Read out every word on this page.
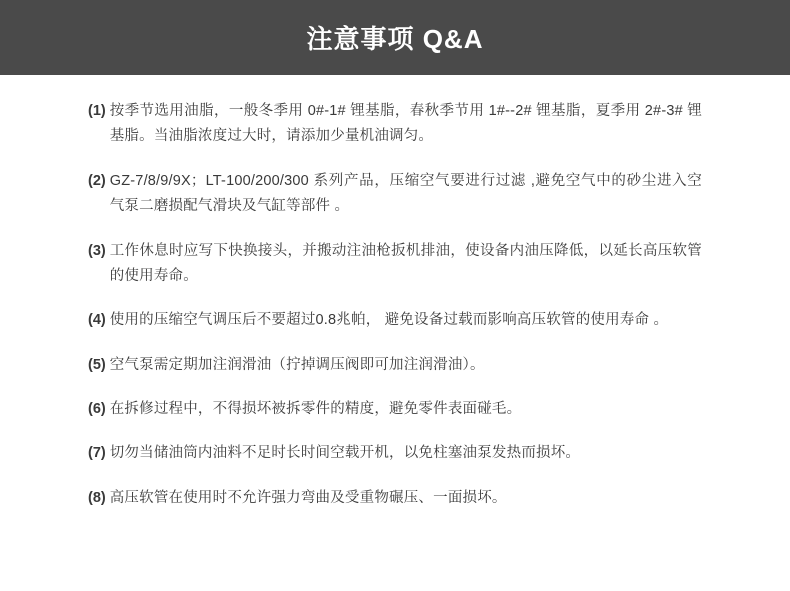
注意事项 Q&A
(1) 按季节选用油脂，一般冬季用 0#-1# 锂基脂，春秋季节用 1#--2# 锂基脂，夏季用 2#-3# 锂基脂。当油脂浓度过大时，请添加少量机油调匀。
(2) GZ-7/8/9/9X；LT-100/200/300 系列产品，压缩空气要进行过滤 ,避免空气中的砂尘进入空气泵二磨损配气滑块及气缸等部件 。
(3) 工作休息时应写下快换接头，并搬动注油枪扳机排油，使设备内油压降低，以延长高压软管的使用寿命。
(4) 使用的压缩空气调压后不要超过0.8兆帕， 避免设备过载而影响高压软管的使用寿命 。
(5) 空气泵需定期加注润滑油（拧掉调压阀即可加注润滑油）。
(6) 在拆修过程中，不得损坏被拆零件的精度，避免零件表面碰毛。
(7) 切勿当储油筒内油料不足时长时间空载开机，以免柱塞油泵发热而损坏。
(8) 高压软管在使用时不允许强力弯曲及受重物碾压、一面损坏。
